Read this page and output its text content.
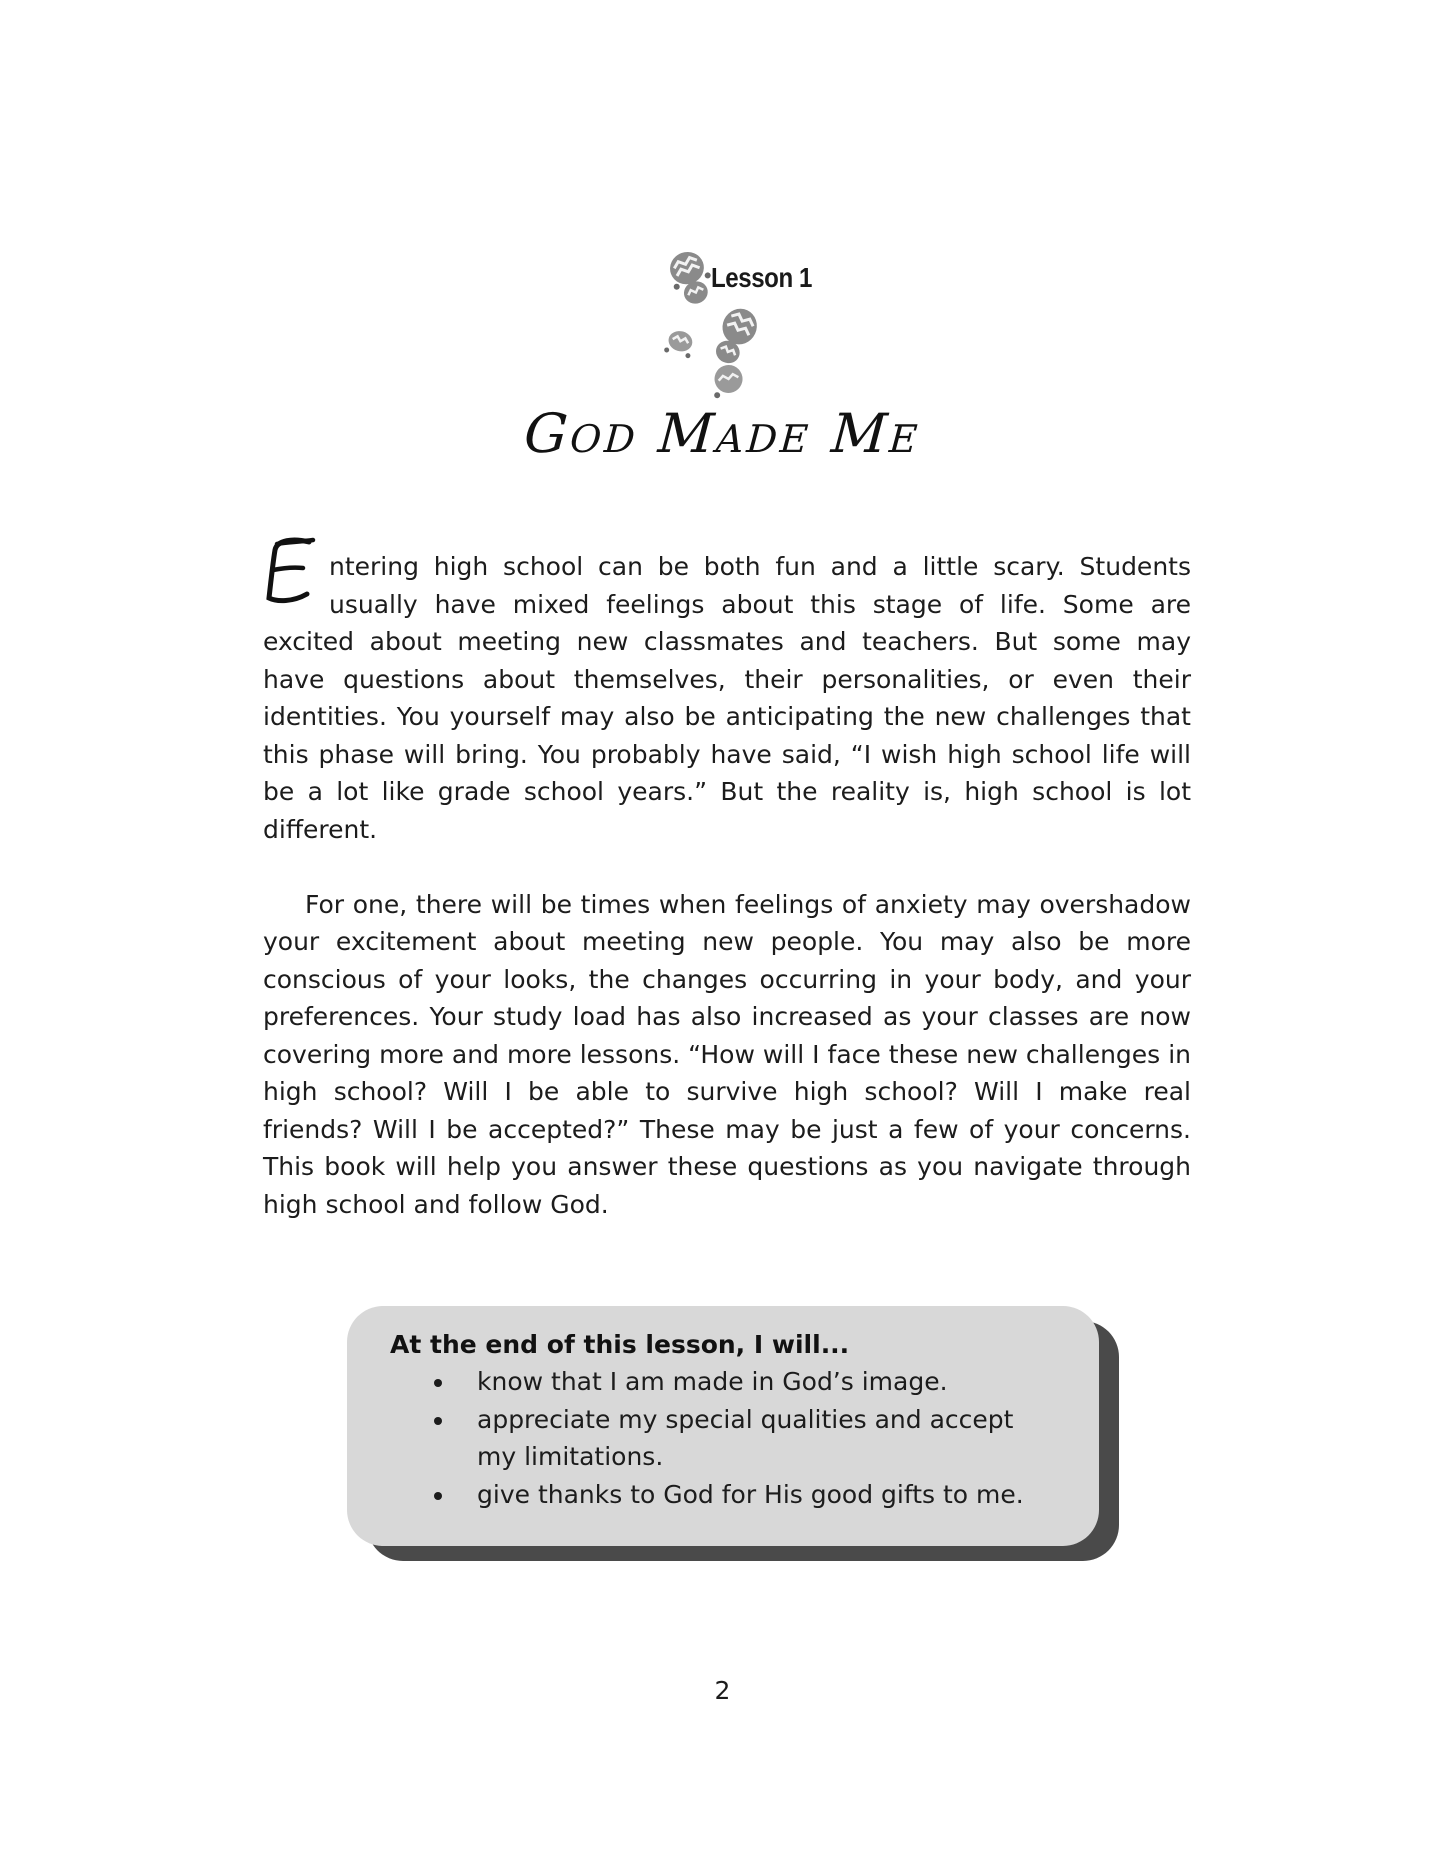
Lesson 1
God Made Me

E
ntering high school can be both fun and a little scary. Students usually have mixed feelings about this stage of life. Some are excited about meeting new classmates and teachers. But some may have questions about themselves, their personalities, or even their identities. You yourself may also be anticipating the new challenges that this phase will bring. You probably have said, “I wish high school life will be a lot like grade school years.” But the reality is, high school is lot different.

For one, there will be times when feelings of anxiety may overshadow your excitement about meeting new people. You may also be more conscious of your looks, the changes occurring in your body, and your preferences. Your study load has also increased as your classes are now covering more and more lessons. “How will I face these new challenges in high school? Will I be able to survive high school? Will I make real friends? Will I be accepted?” These may be just a few of your concerns. This book will help you answer these questions as you navigate through high school and follow God.

At the end of this lesson, I will...
know that I am made in God’s image.
appreciate my special qualities and accept my limitations.
give thanks to God for His good gifts to me.
2
